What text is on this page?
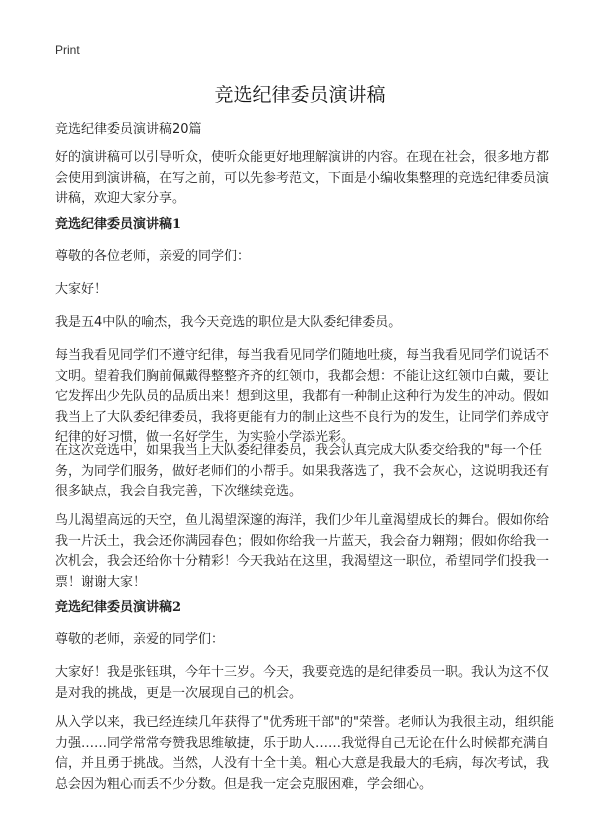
Print
竞选纪律委员演讲稿
竞选纪律委员演讲稿20篇

好的演讲稿可以引导听众，使听众能更好地理解演讲的内容。在现在社会，很多地方都会使用到演讲稿，在写之前，可以先参考范文，下面是小编收集整理的竞选纪律委员演讲稿，欢迎大家分享。

竞选纪律委员演讲稿1

尊敬的各位老师，亲爱的同学们：

大家好！

我是五4中队的喻杰，我今天竞选的职位是大队委纪律委员。

每当我看见同学们不遵守纪律，每当我看见同学们随地吐痰，每当我看见同学们说话不文明。望着我们胸前佩戴得整整齐齐的红领巾，我都会想：不能让这红领巾白戴，要让它发挥出少先队员的品质出来！想到这里，我都有一种制止这种行为发生的冲动。假如我当上了大队委纪律委员，我将更能有力的制止这些不良行为的发生，让同学们养成守纪律的好习惯，做一名好学生，为实验小学添光彩。

在这次竞选中，如果我当上大队委纪律委员，我会认真完成大队委交给我的"每一个任务，为同学们服务，做好老师们的小帮手。如果我落选了，我不会灰心，这说明我还有很多缺点，我会自我完善，下次继续竞选。

鸟儿渴望高远的天空，鱼儿渴望深邃的海洋，我们少年儿童渴望成长的舞台。假如你给我一片沃土，我会还你满园春色；假如你给我一片蓝天，我会奋力翱翔；假如你给我一次机会，我会还给你十分精彩！今天我站在这里，我渴望这一职位，希望同学们投我一票！谢谢大家！

竞选纪律委员演讲稿2

尊敬的老师，亲爱的同学们：

大家好！我是张钰琪，今年十三岁。今天，我要竞选的是纪律委员一职。我认为这不仅是对我的挑战，更是一次展现自己的机会。

从入学以来，我已经连续几年获得了"优秀班干部"的"荣誉。老师认为我很主动，组织能力强……同学常常夸赞我思维敏捷，乐于助人……我觉得自己无论在什么时候都充满自信，并且勇于挑战。当然，人没有十全十美。粗心大意是我最大的毛病，每次考试，我总会因为粗心而丢不少分数。但是我一定会克服困难，学会细心。
